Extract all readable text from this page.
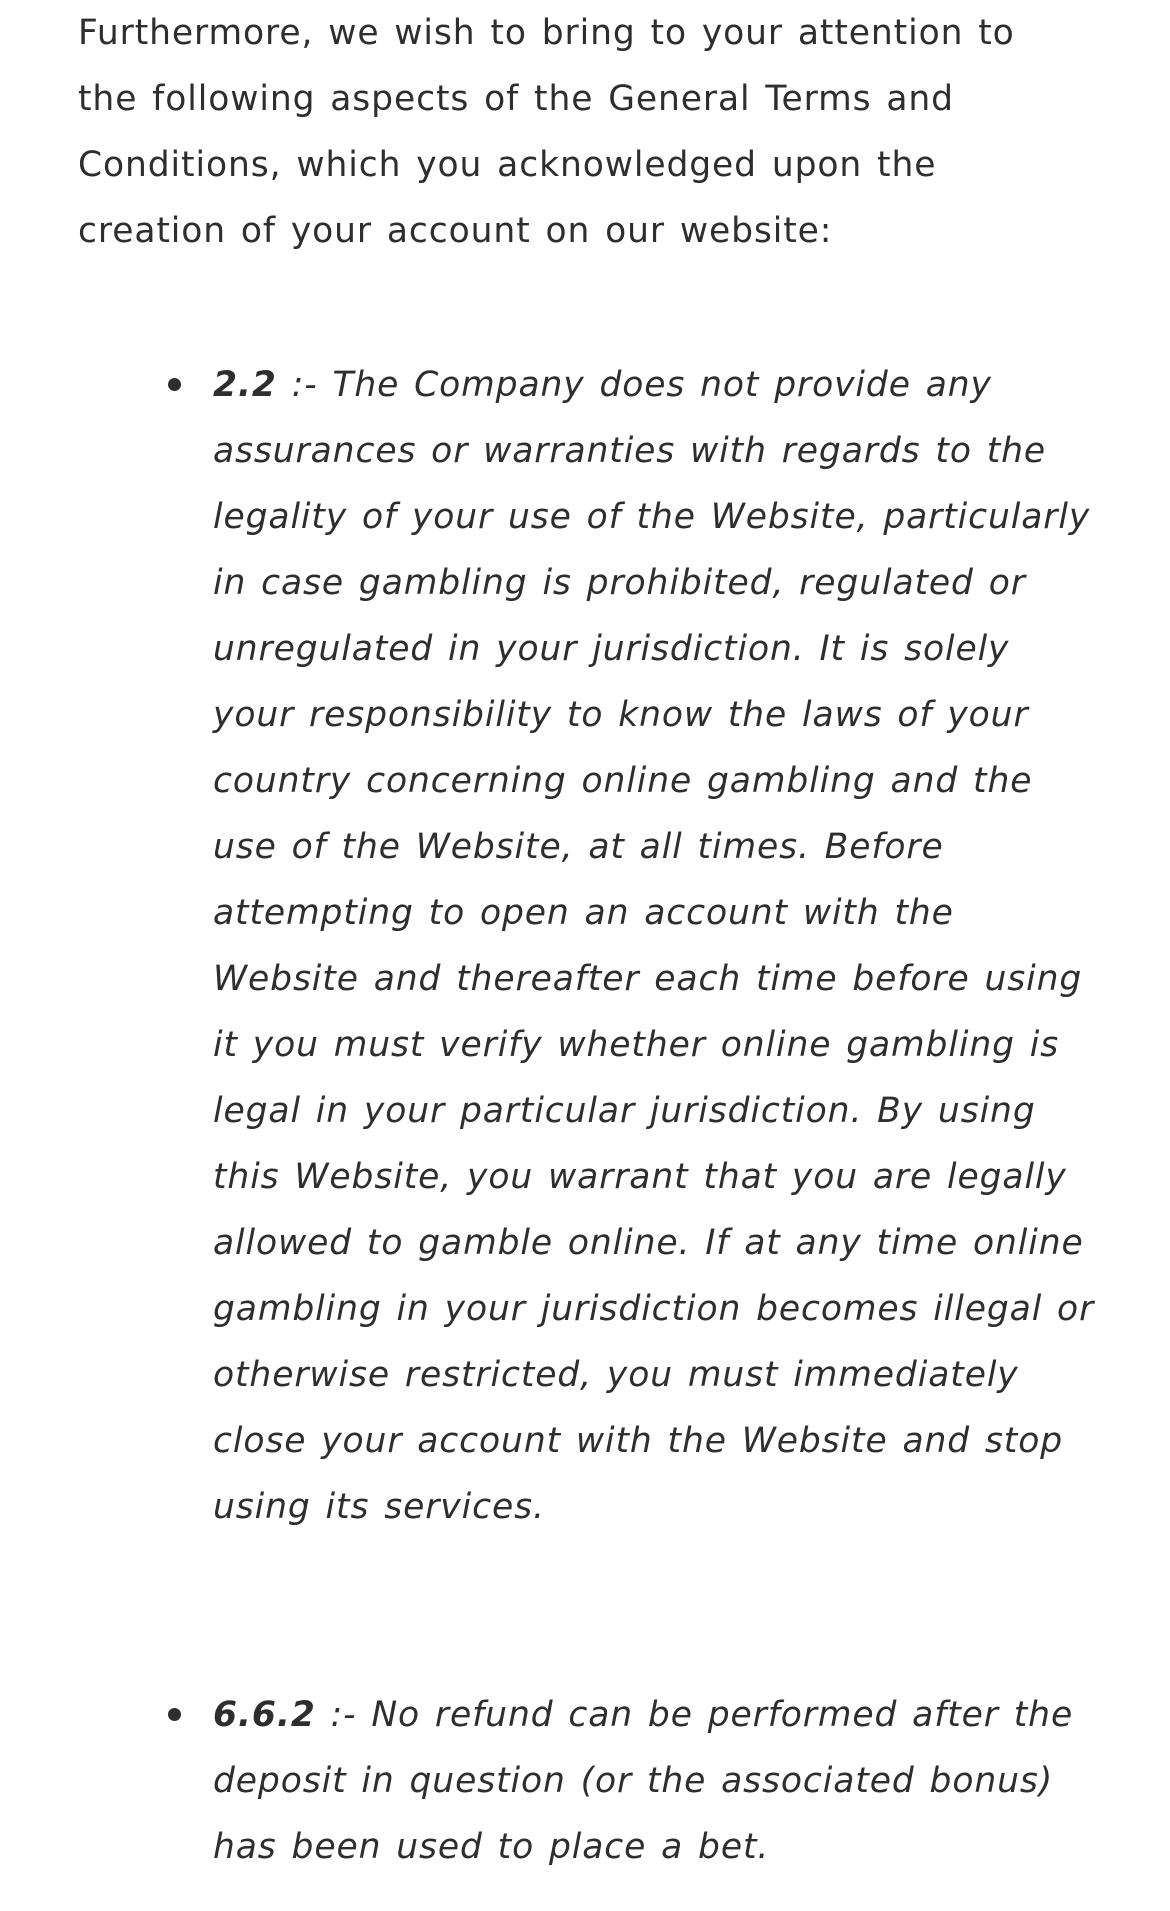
Furthermore, we wish to bring to your attention to the following aspects of the General Terms and Conditions, which you acknowledged upon the creation of your account on our website:

2.2 :- The Company does not provide any assurances or warranties with regards to the legality of your use of the Website, particularly in case gambling is prohibited, regulated or unregulated in your jurisdiction. It is solely your responsibility to know the laws of your country concerning online gambling and the use of the Website, at all times. Before attempting to open an account with the Website and thereafter each time before using it you must verify whether online gambling is legal in your particular jurisdiction. By using this Website, you warrant that you are legally allowed to gamble online. If at any time online gambling in your jurisdiction becomes illegal or otherwise restricted, you must immediately close your account with the Website and stop using its services.

6.6.2 :- No refund can be performed after the deposit in question (or the associated bonus) has been used to place a bet.
